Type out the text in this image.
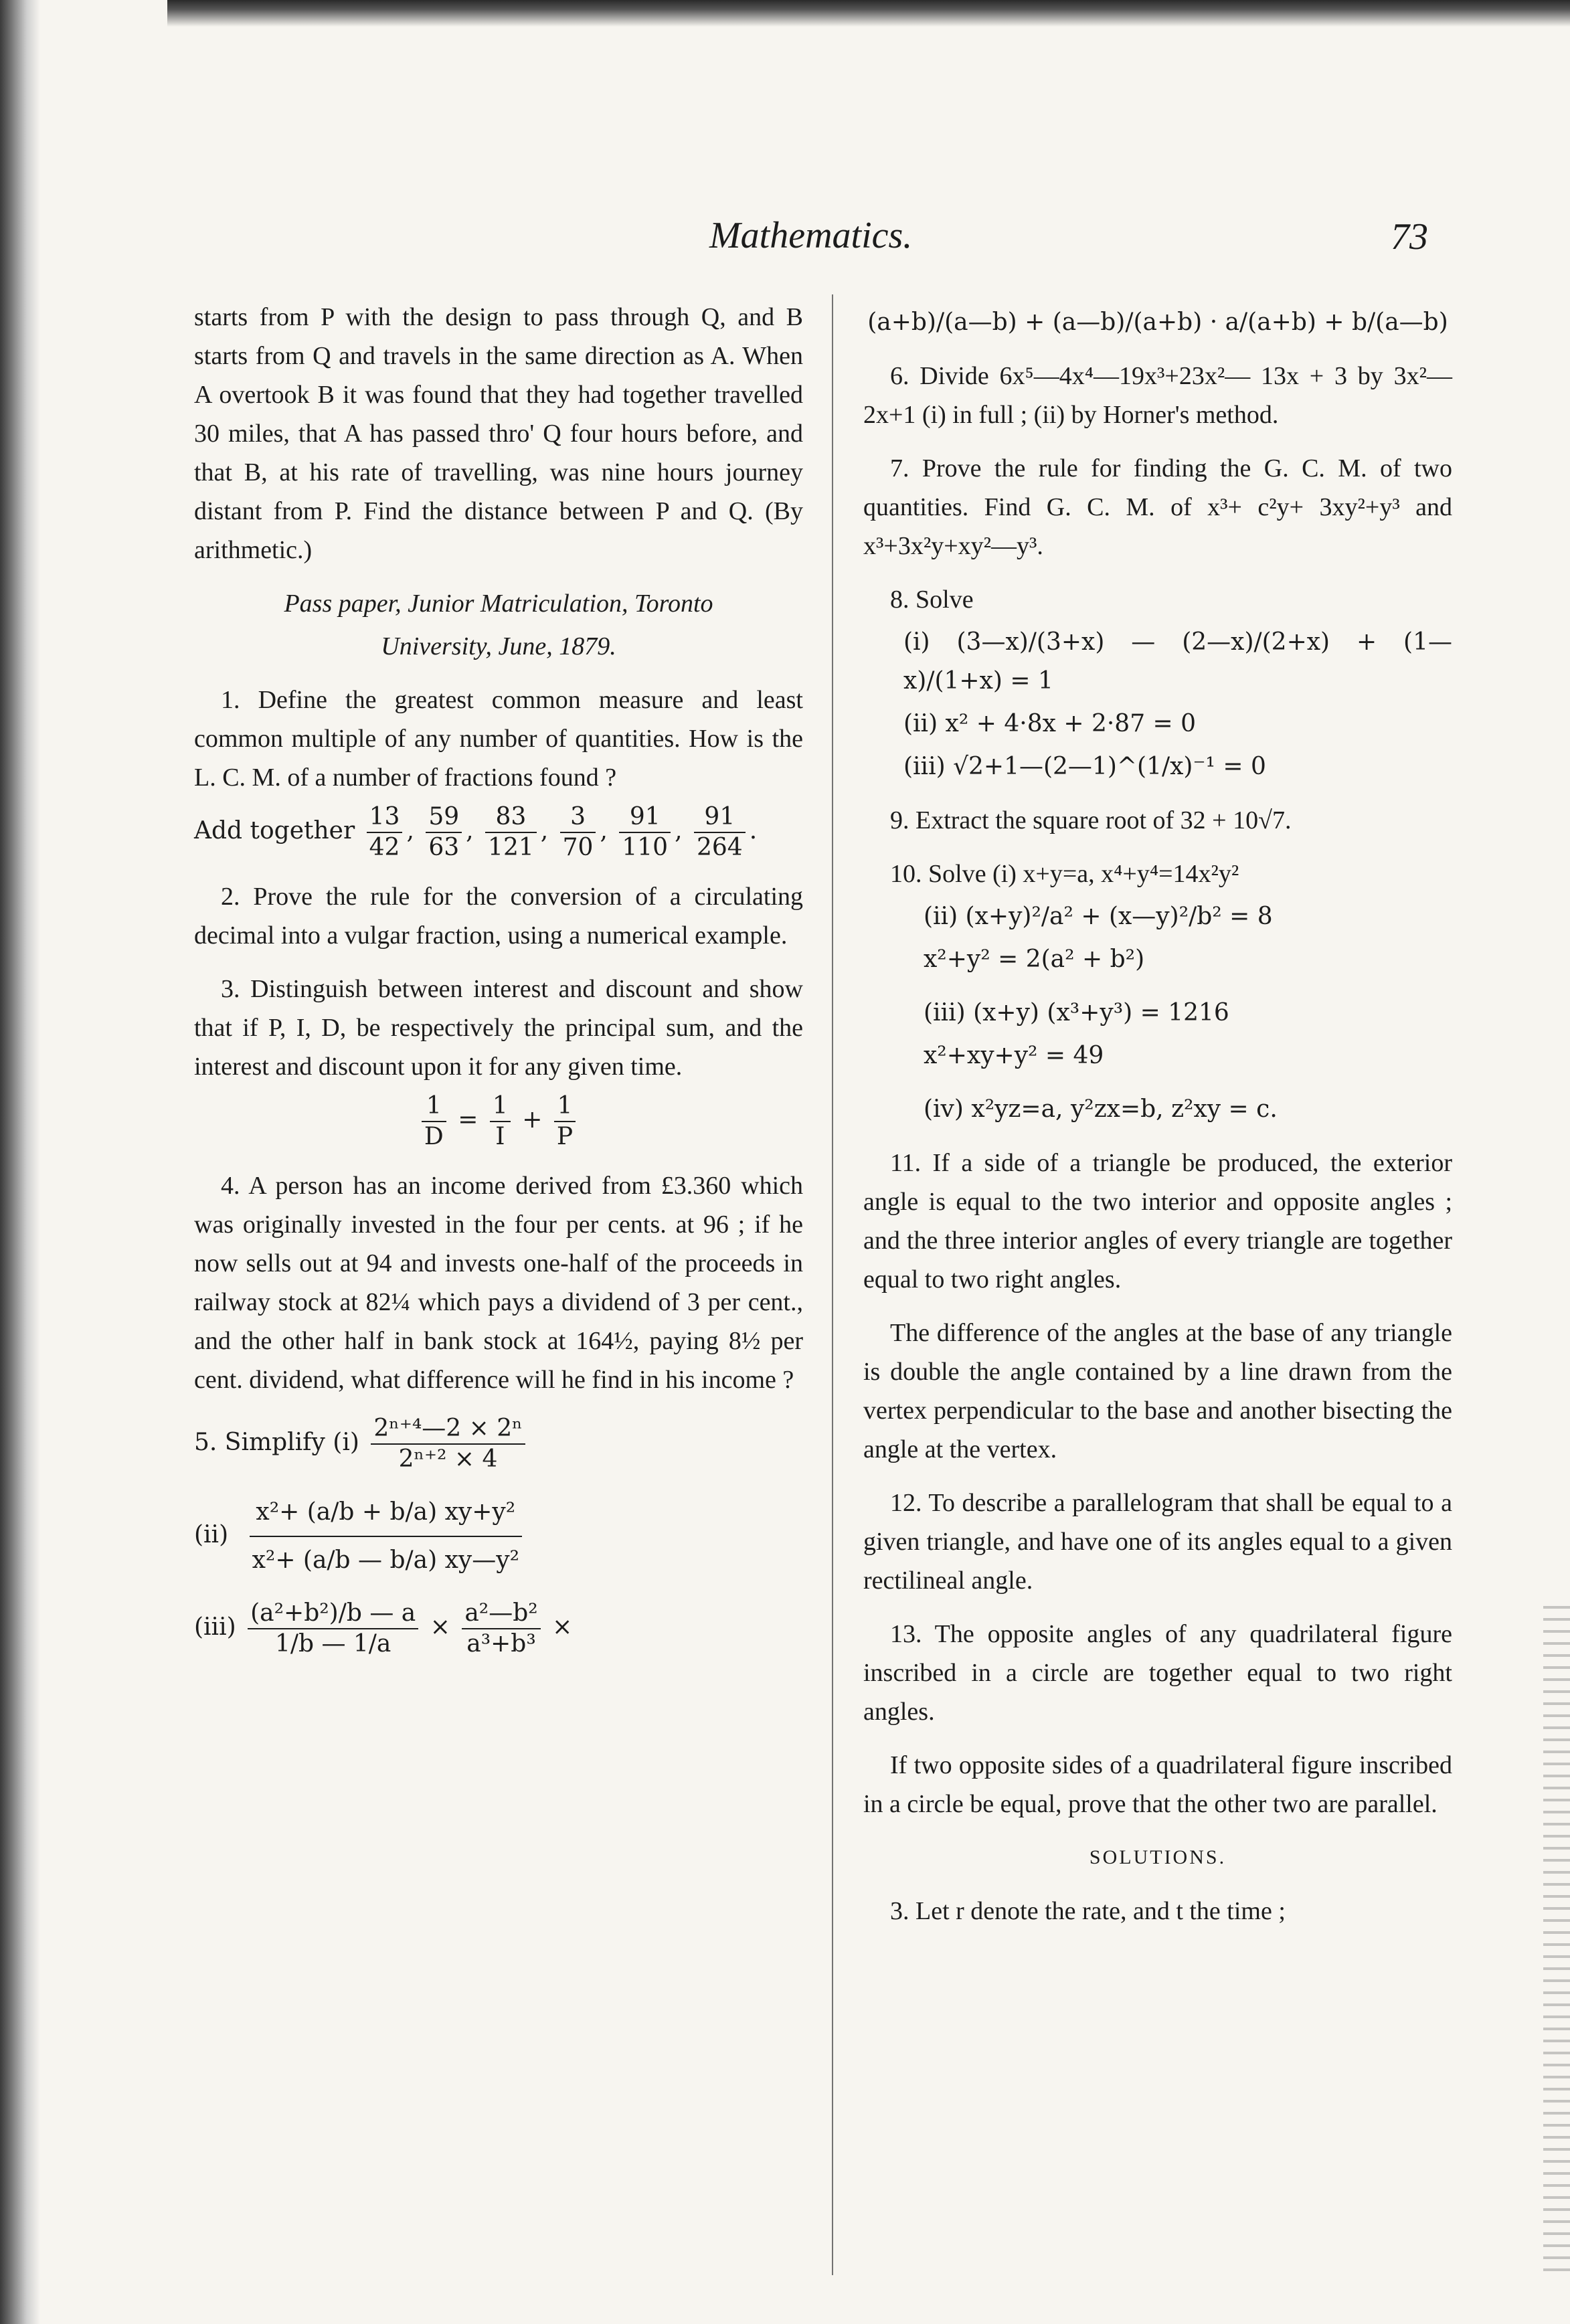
Mathematics.	73

starts from P with the design to pass through Q, and B starts from Q and travels in the same direction as A. When A overtook B it was found that they had together travelled 30 miles, that A has passed thro' Q four hours before, and that B, at his rate of travelling, was nine hours journey distant from P. Find the distance between P and Q. (By arithmetic.)

Pass paper, Junior Matriculation, Toronto

University, June, 1879.

1. Define the greatest common measure and least common multiple of any number of quantities. How is the L. C. M. of a number of fractions found ?

Add together $\frac{13}{42}$ , $\frac{59}{63}$ , $\frac{83}{121}$ , $\frac{3}{70}$ , $\frac{91}{110}$ , $\frac{91}{264}$ .

2. Prove the rule for the conversion of a circulating decimal into a vulgar fraction, using a numerical example.

3. Distinguish between interest and discount and show that if P, I, D, be respectively the principal sum, and the interest and discount upon it for any given time.

$\frac{1}{D} = \frac{1}{I} + \frac{1}{P}$

4. A person has an income derived from £3.360 which was originally invested in the four per cents. at 96 ; if he now sells out at 94 and invests one-half of the proceeds in railway stock at 82¼ which pays a dividend of 3 per cent., and the other half in bank stock at 164½, paying 8½ per cent. dividend, what difference will he find in his income ?

5. Simplify $(i) \frac{\text{2ⁿ⁺⁴—2 × 2ⁿ}}{\text{2ⁿ⁺² × 4}}$
$(ii) \frac{\text{x²+ (a/b + b/a) xy+y²}}{\text{x²+ (a/b — b/a) xy—y²}}$
$(iii) \frac{\text{(a²+b²)/b — a}}{1/b — 1/a} \times \frac{\text{a²—b²}}{\text{a³+b³}}$ ×
(a+b)/(a—b) + (a—b)/(a+b) · a/(a+b) + b/(a—b)

6. Divide 6x⁵—4x⁴—19x³+23x²— 13x + 3 by 3x²—2x+1 (i) in full ; (ii) by Horner's method.

7. Prove the rule for finding the G. C. M. of two quantities. Find G. C. M. of x³+ c²y+ 3xy²+y³ and x³+3x²y+xy²—y³.

8. Solve

(i) (3—x)/(3+x) — (2—x)/(2+x) + (1—x)/(1+x) = 1

(ii) x² + 4·8x + 2·87 = 0

(iii) √2+1—(2—1)^(1/x)⁻¹ = 0

9. Extract the square root of 32 + 10√7.

10. Solve (i) x+y=a, x⁴+y⁴=14x²y²

(ii) (x+y)²/a² + (x—y)²/b² = 8

x²+y² = 2(a² + b²)

(iii) (x+y) (x³+y³) = 1216

x²+xy+y² = 49

(iv) x²yz=a, y²zx=b, z²xy = c.

11. If a side of a triangle be produced, the exterior angle is equal to the two interior and opposite angles ; and the three interior angles of every triangle are together equal to two right angles.

The difference of the angles at the base of any triangle is double the angle contained by a line drawn from the vertex perpendicular to the base and another bisecting the angle at the vertex.

12. To describe a parallelogram that shall be equal to a given triangle, and have one of its angles equal to a given rectilineal angle.

13. The opposite angles of any quadrilateral figure inscribed in a circle are together equal to two right angles.

If two opposite sides of a quadrilateral figure inscribed in a circle be equal, prove that the other two are parallel.

SOLUTIONS.

3. Let r denote the rate, and t the time ;
